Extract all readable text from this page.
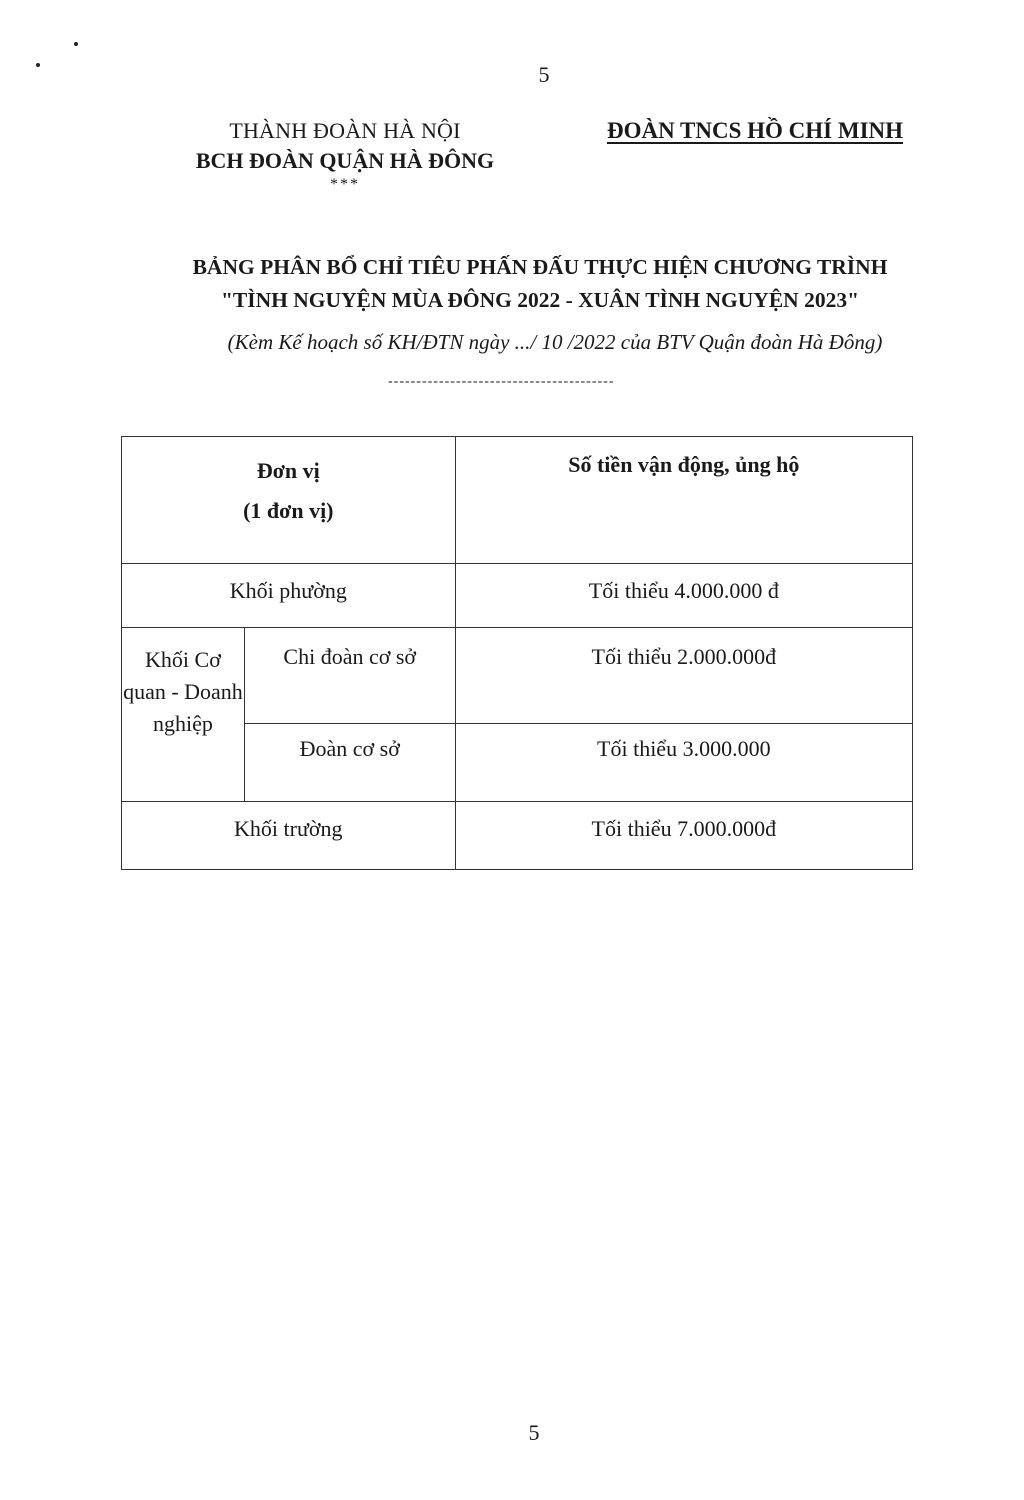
5
THÀNH ĐOÀN HÀ NỘI
BCH ĐOÀN QUẬN HÀ ĐÔNG
***
ĐOÀN TNCS HỒ CHÍ MINH
BẢNG PHÂN BỔ CHỈ TIÊU PHẤN ĐẤU THỰC HIỆN CHƯƠNG TRÌNH
"TÌNH NGUYỆN MÙA ĐÔNG 2022 - XUÂN TÌNH NGUYỆN 2023"
(Kèm Kế hoạch số KH/ĐTN ngày .../ 10 /2022 của BTV Quận đoàn Hà Đông)
----------------------------------------
Đơn vị
(1 đơn vị)		Số tiền vận động, ủng hộ

Khối phường		Tối thiểu 4.000.000 đ

Khối Cơ quan - Doanh nghiệp	Chi đoàn cơ sở	Tối thiểu 2.000.000đ

	Đoàn cơ sở	Tối thiểu 3.000.000

Khối trường		Tối thiểu 7.000.000đ
5
